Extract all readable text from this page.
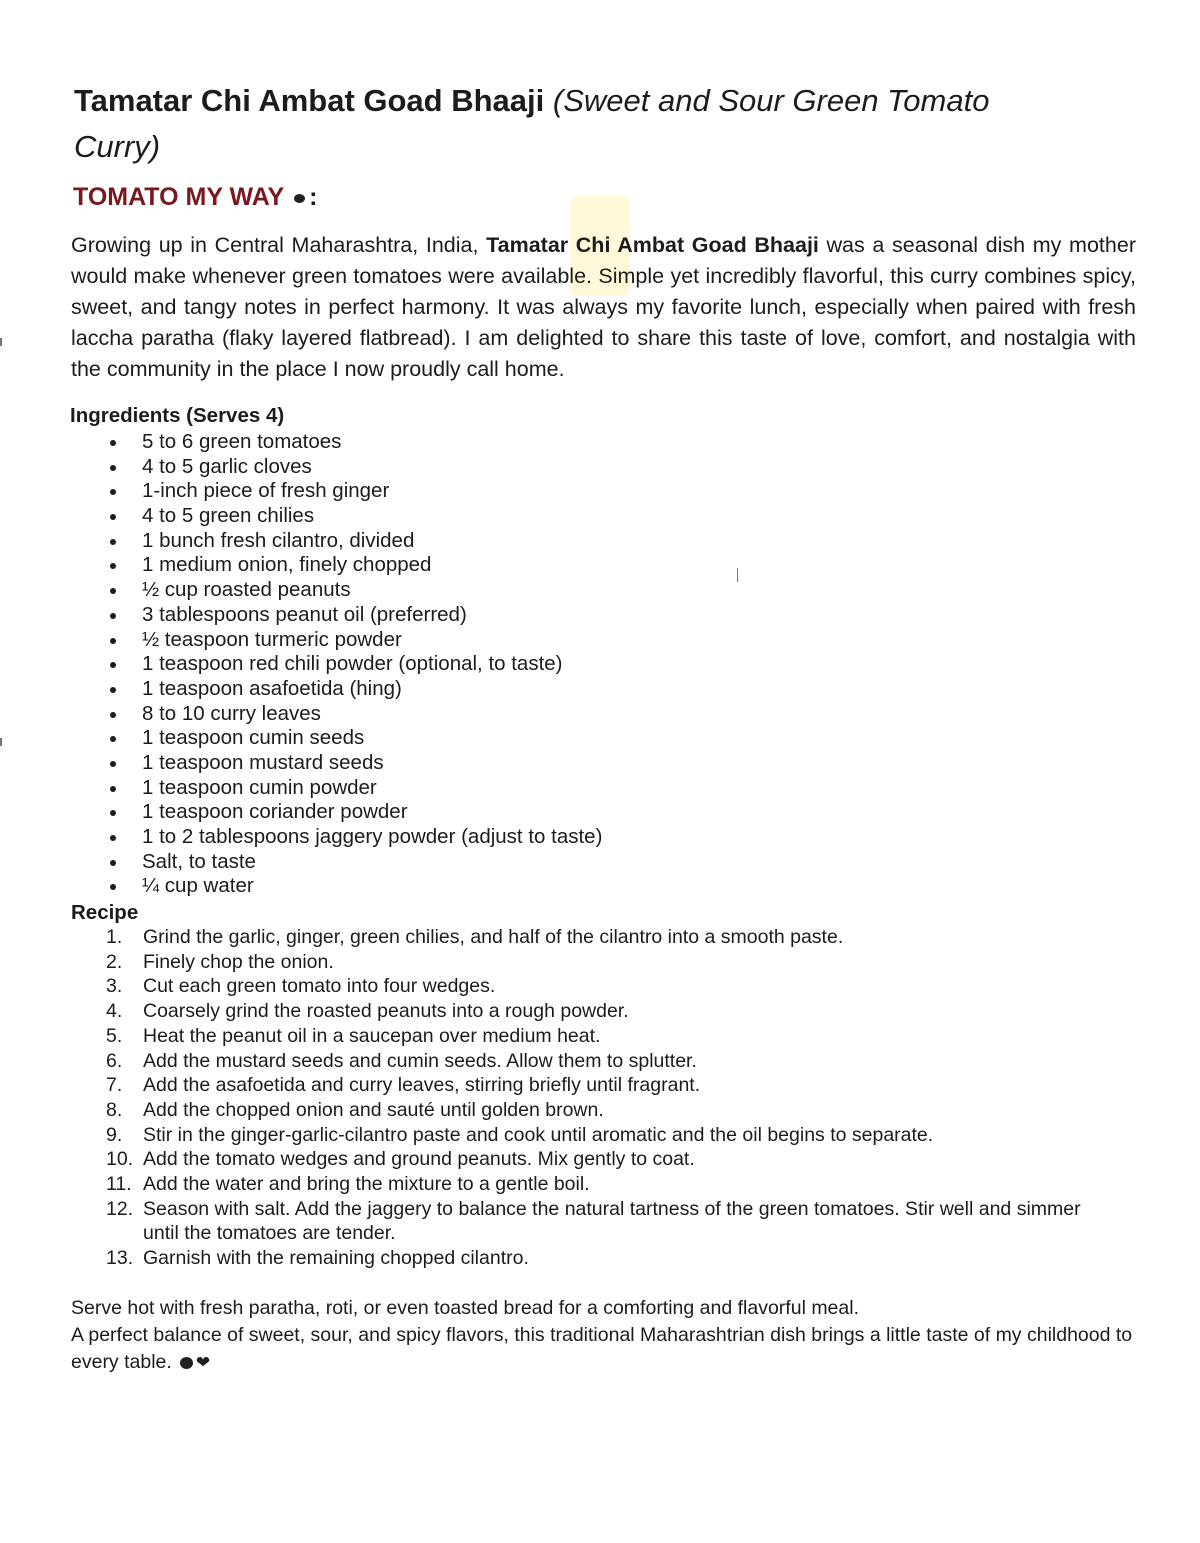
Tamatar Chi Ambat Goad Bhaaji (Sweet and Sour Green Tomato Curry)
TOMATO MY WAY :

Growing up in Central Maharashtra, India, Tamatar Chi Ambat Goad Bhaaji was a seasonal dish my mother would make whenever green tomatoes were available. Simple yet incredibly flavorful, this curry combines spicy, sweet, and tangy notes in perfect harmony. It was always my favorite lunch, especially when paired with fresh laccha paratha (flaky layered flatbread). I am delighted to share this taste of love, comfort, and nostalgia with the community in the place I now proudly call home.

Ingredients (Serves 4)
5 to 6 green tomatoes
4 to 5 garlic cloves
1-inch piece of fresh ginger
4 to 5 green chilies
1 bunch fresh cilantro, divided
1 medium onion, finely chopped
½ cup roasted peanuts
3 tablespoons peanut oil (preferred)
½ teaspoon turmeric powder
1 teaspoon red chili powder (optional, to taste)
1 teaspoon asafoetida (hing)
8 to 10 curry leaves
1 teaspoon cumin seeds
1 teaspoon mustard seeds
1 teaspoon cumin powder
1 teaspoon coriander powder
1 to 2 tablespoons jaggery powder (adjust to taste)
Salt, to taste
¼ cup water
Recipe
1.	Grind the garlic, ginger, green chilies, and half of the cilantro into a smooth paste.
2.	Finely chop the onion.
3.	Cut each green tomato into four wedges.
4.	Coarsely grind the roasted peanuts into a rough powder.
5.	Heat the peanut oil in a saucepan over medium heat.
6.	Add the mustard seeds and cumin seeds. Allow them to splutter.
7.	Add the asafoetida and curry leaves, stirring briefly until fragrant.
8.	Add the chopped onion and sauté until golden brown.
9.	Stir in the ginger-garlic-cilantro paste and cook until aromatic and the oil begins to separate.
10. Add the tomato wedges and ground peanuts. Mix gently to coat.
11. Add the water and bring the mixture to a gentle boil.
12. Season with salt. Add the jaggery to balance the natural tartness of the green tomatoes. Stir well and simmer until the tomatoes are tender.
13. Garnish with the remaining chopped cilantro.
Serve hot with fresh paratha, roti, or even toasted bread for a comforting and flavorful meal.
A perfect balance of sweet, sour, and spicy flavors, this traditional Maharashtrian dish brings a little taste of my childhood to every table. ❤
